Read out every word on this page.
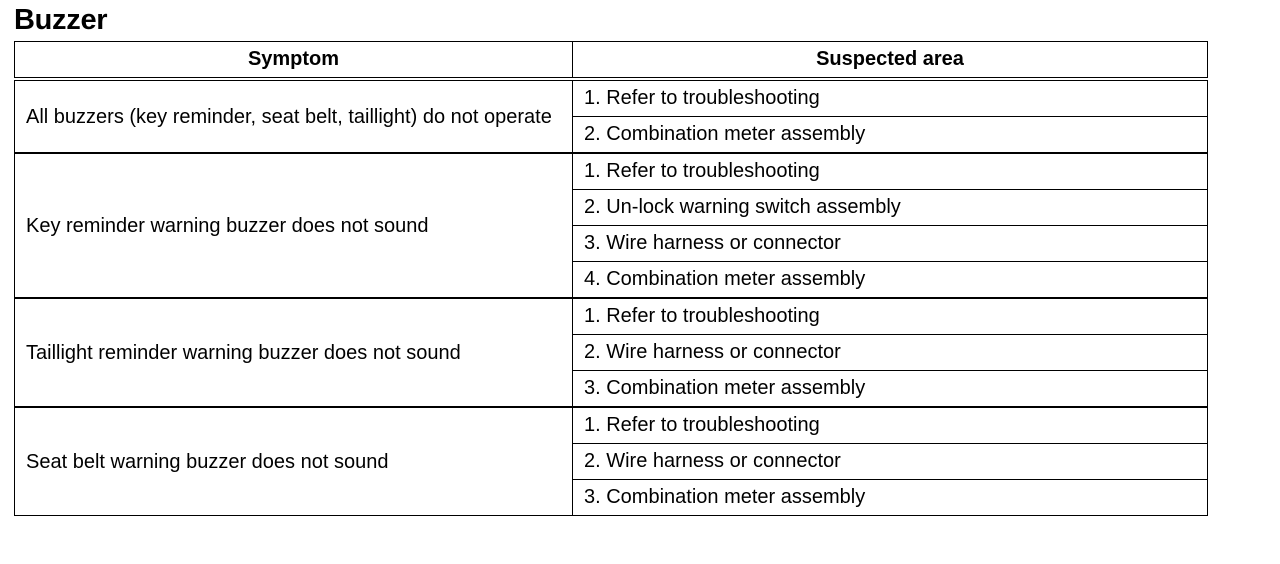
Buzzer
Symptom	Suspected area
All buzzers (key reminder, seat belt, taillight) do not operate	1. Refer to troubleshooting
	2. Combination meter assembly
Key reminder warning buzzer does not sound	1. Refer to troubleshooting
	2. Un-lock warning switch assembly
	3. Wire harness or connector
	4. Combination meter assembly
Taillight reminder warning buzzer does not sound	1. Refer to troubleshooting
	2. Wire harness or connector
	3. Combination meter assembly
Seat belt warning buzzer does not sound	1. Refer to troubleshooting
	2. Wire harness or connector
	3. Combination meter assembly
